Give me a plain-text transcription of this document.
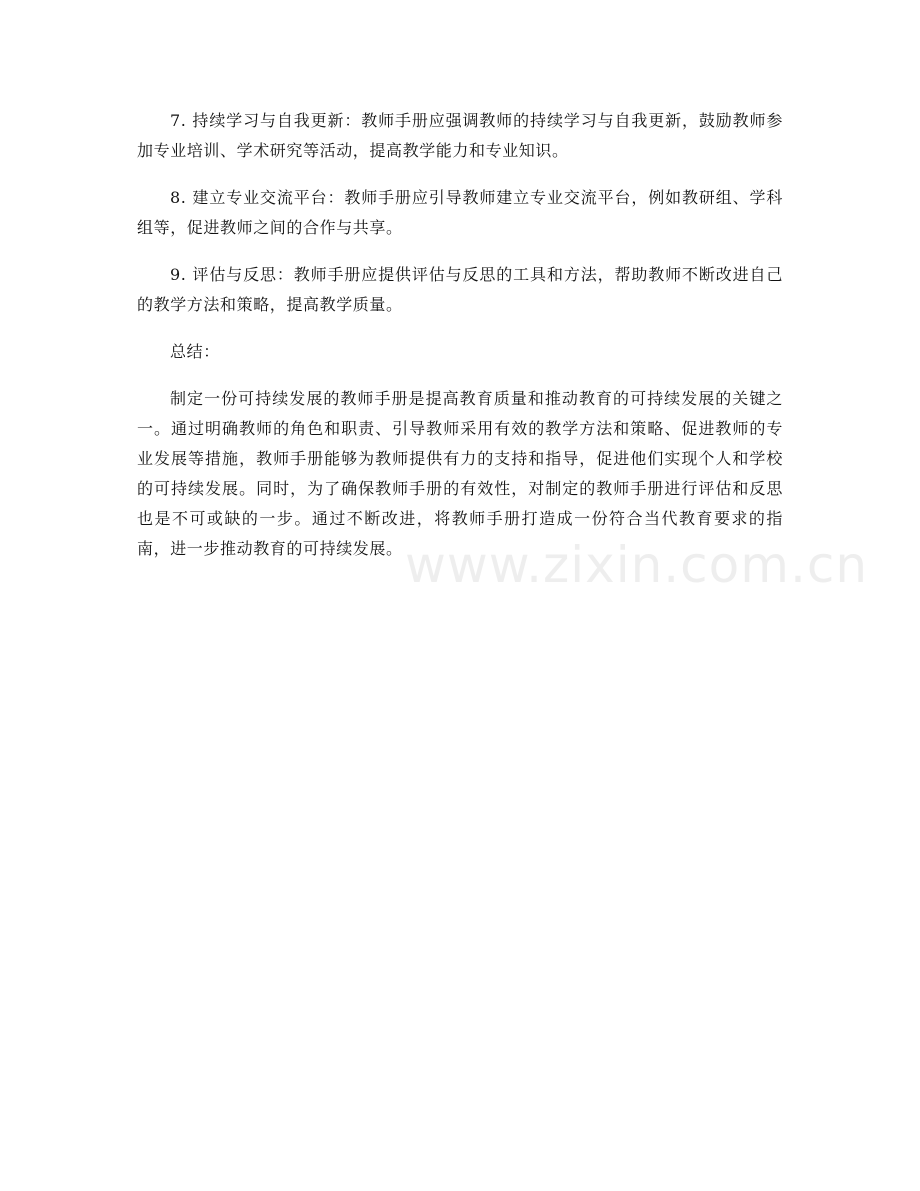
7. 持续学习与自我更新：教师手册应强调教师的持续学习与自我更新，鼓励教师参加专业培训、学术研究等活动，提高教学能力和专业知识。

8. 建立专业交流平台：教师手册应引导教师建立专业交流平台，例如教研组、学科组等，促进教师之间的合作与共享。

9. 评估与反思：教师手册应提供评估与反思的工具和方法，帮助教师不断改进自己的教学方法和策略，提高教学质量。

总结：

制定一份可持续发展的教师手册是提高教育质量和推动教育的可持续发展的关键之一。通过明确教师的角色和职责、引导教师采用有效的教学方法和策略、促进教师的专业发展等措施，教师手册能够为教师提供有力的支持和指导，促进他们实现个人和学校的可持续发展。同时，为了确保教师手册的有效性，对制定的教师手册进行评估和反思也是不可或缺的一步。通过不断改进，将教师手册打造成一份符合当代教育要求的指南，进一步推动教育的可持续发展。 www.zixin.com.cn
